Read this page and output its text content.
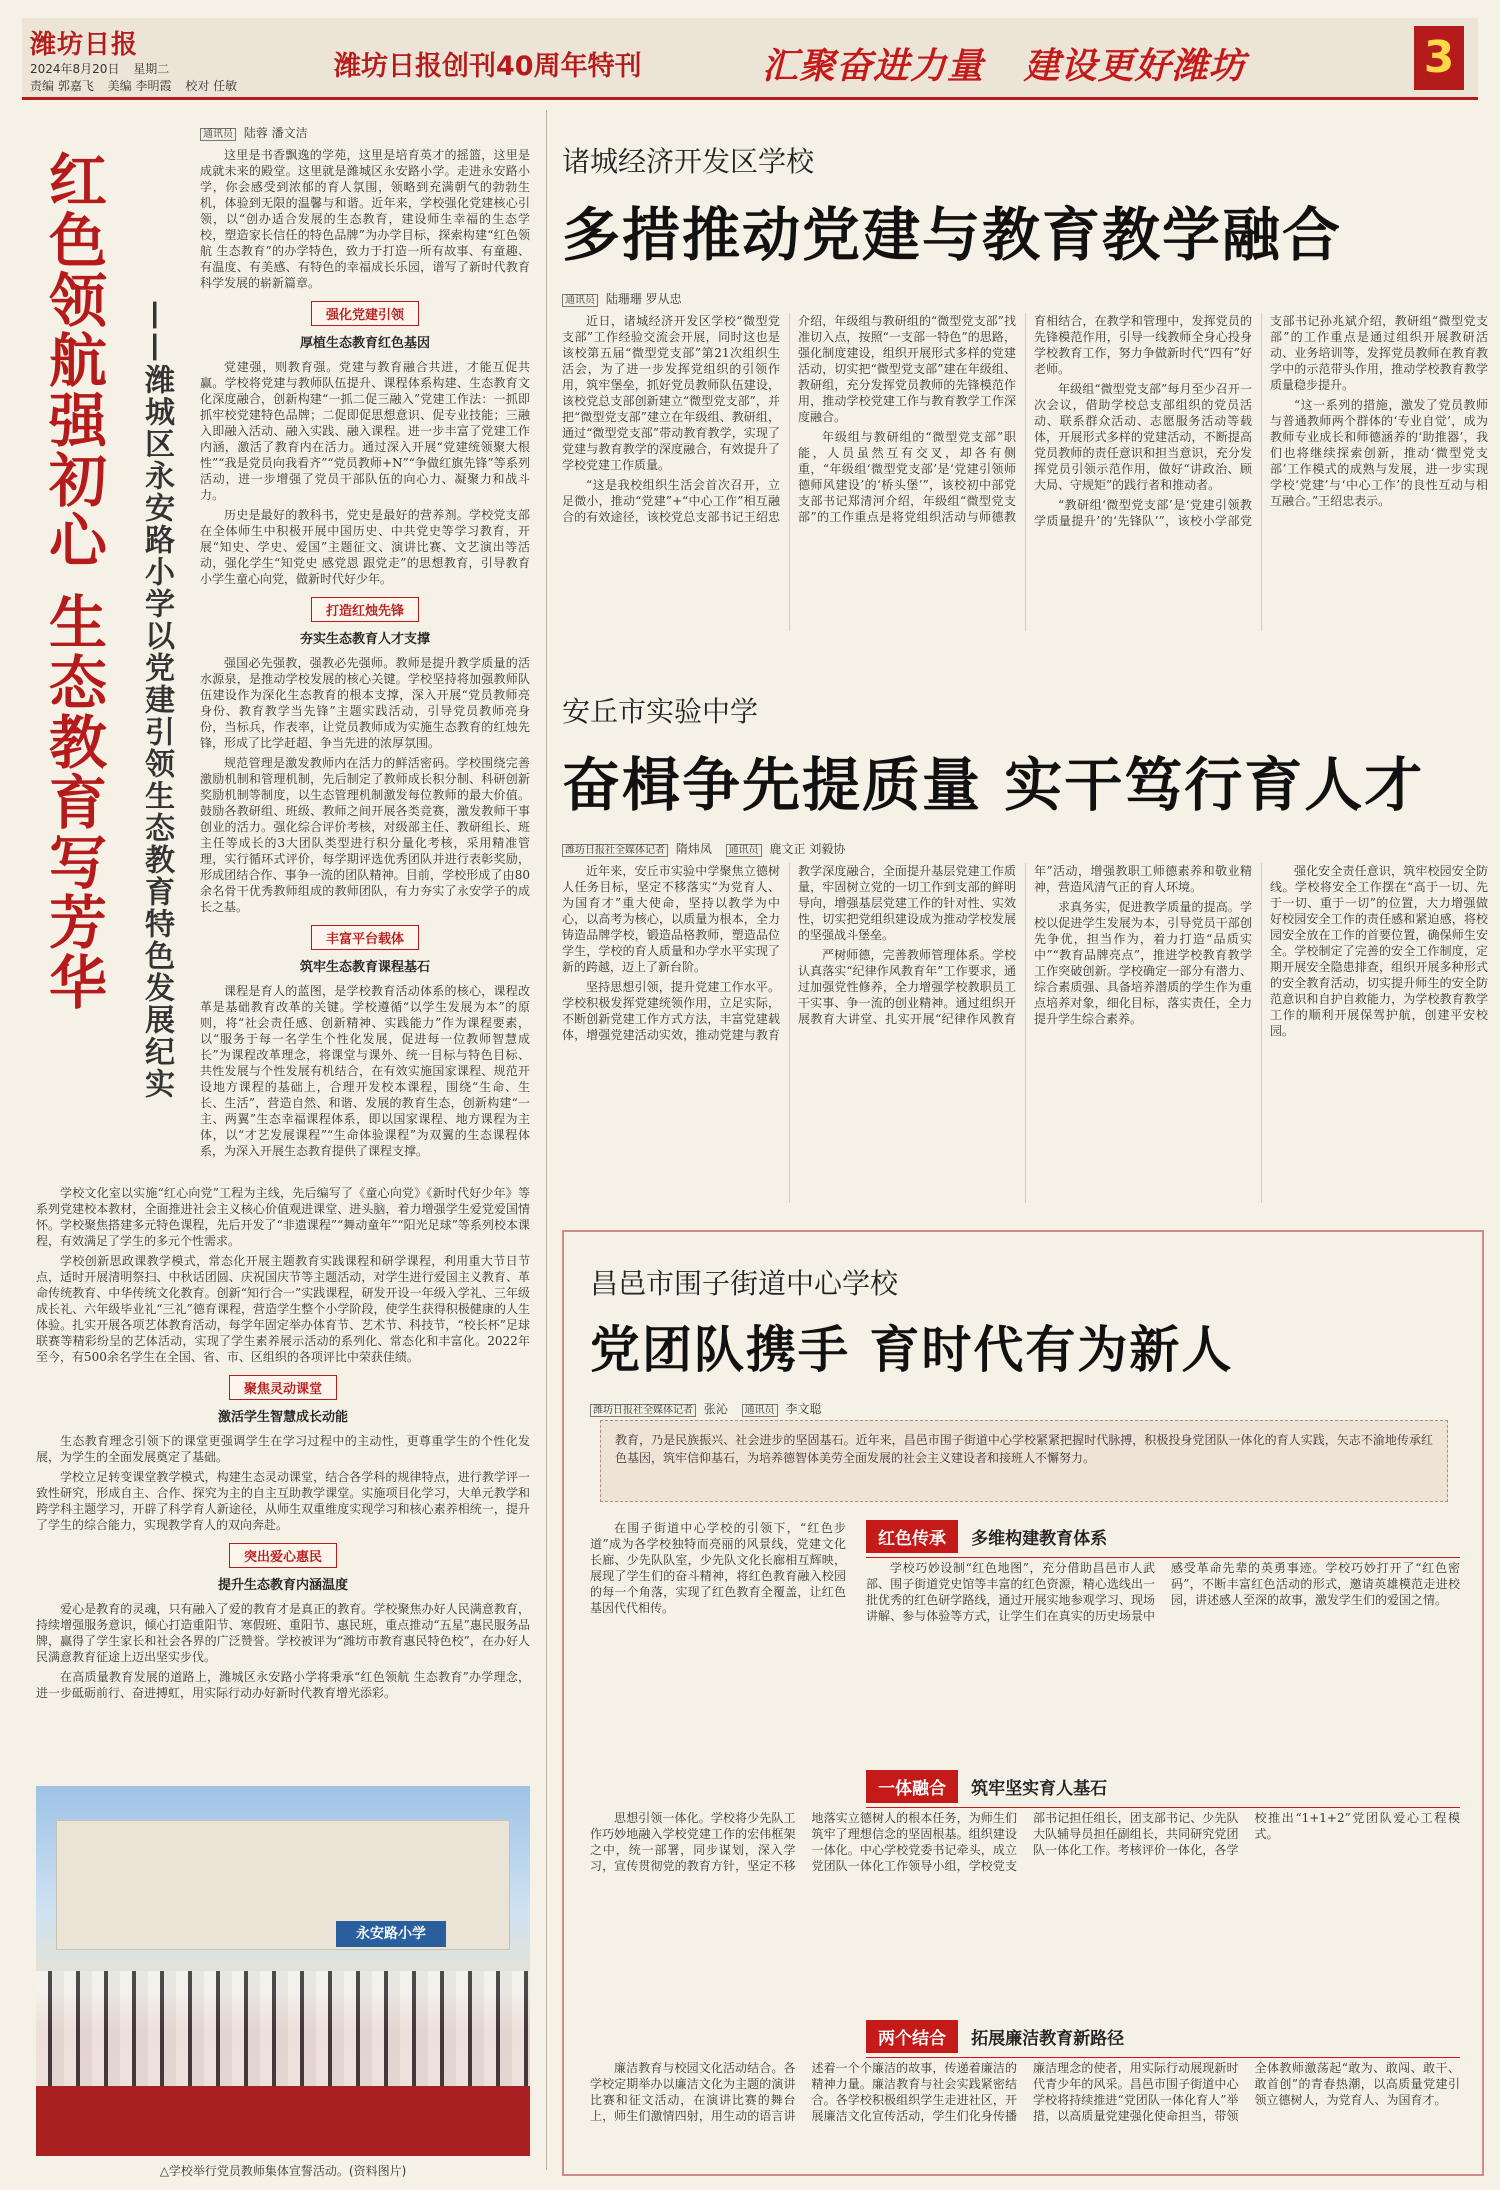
潍坊日报
2024年8月20日 星期二
责编 郭嘉飞 美编 李明霞 校对 任敏
潍坊日报创刊40周年特刊	汇聚奋进力量 建设更好潍坊	3
红色领航强初心 生态教育写芳华 ——潍城区永安路小学以党建引领生态教育特色发展纪实
通讯员 陆蓉 潘文洁

这里是书香飘逸的学苑，这里是培育英才的摇篮，这里是成就未来的殿堂。这里就是潍城区永安路小学。走进永安路小学，你会感受到浓郁的育人氛围，领略到充满朝气的勃勃生机，体验到无限的温馨与和谐。近年来，学校强化党建核心引领，以“创办适合发展的生态教育，建设师生幸福的生态学校，塑造家长信任的特色品牌”为办学目标，探索构建“红色领航 生态教育”的办学特色，致力于打造一所有故事、有童趣、有温度、有美感、有特色的幸福成长乐园，谱写了新时代教育科学发展的崭新篇章。

强化党建引领
厚植生态教育红色基因

党建强，则教育强。党建与教育融合共进，才能互促共赢。学校将党建与教师队伍提升、课程体系构建、生态教育文化深度融合，创新构建“一抓二促三融入”党建工作法：一抓即抓牢校党建特色品牌；二促即促思想意识、促专业技能；三融入即融入活动、融入实践、融入课程。进一步丰富了党建工作内涵，激活了教育内在活力。通过深入开展“党建统领聚大根性”“我是党员向我看齐”“党员教师+N”“争做红旗先锋”等系列活动，进一步增强了党员干部队伍的向心力、凝聚力和战斗力。

历史是最好的教科书，党史是最好的营养剂。学校党支部在全体师生中积极开展中国历史、中共党史等学习教育，开展“知史、学史、爱国”主题征文、演讲比赛、文艺演出等活动，强化学生“知党史 感党恩 跟党走”的思想教育，引导教育小学生童心向党，做新时代好少年。

打造红烛先锋
夯实生态教育人才支撑

强国必先强教，强教必先强师。教师是提升教学质量的活水源泉，是推动学校发展的核心关键。学校坚持将加强教师队伍建设作为深化生态教育的根本支撑，深入开展“党员教师亮身份、教育教学当先锋”主题实践活动，引导党员教师亮身份，当标兵，作表率，让党员教师成为实施生态教育的红烛先锋，形成了比学赶超、争当先进的浓厚氛围。

规范管理是激发教师内在活力的鲜活密码。学校围绕完善激励机制和管理机制，先后制定了教师成长积分制、科研创新奖励机制等制度，以生态管理机制激发每位教师的最大价值。鼓励各教研组、班级、教师之间开展各类竞赛，激发教师干事创业的活力。强化综合评价考核，对级部主任、教研组长、班主任等成长的3大团队类型进行积分量化考核，采用精准管理，实行循环式评价，每学期评选优秀团队并进行表彰奖励，形成团结合作、事争一流的团队精神。目前，学校形成了由80余名骨干优秀教师组成的教师团队，有力夯实了永安学子的成长之基。

丰富平台载体
筑牢生态教育课程基石

课程是育人的蓝图，是学校教育活动体系的核心，课程改革是基础教育改革的关键。学校遵循“以学生发展为本”的原则，将“社会责任感、创新精神、实践能力”作为课程要素，以“服务于每一名学生个性化发展，促进每一位教师智慧成长”为课程改革理念，将课堂与课外、统一目标与特色目标、共性发展与个性发展有机结合，在有效实施国家课程、规范开设地方课程的基础上，合理开发校本课程，围绕“生命、生长、生活”，营造自然、和谐、发展的教育生态，创新构建“一主、两翼”生态幸福课程体系，即以国家课程、地方课程为主体，以“才艺发展课程”“生命体验课程”为双翼的生态课程体系，为深入开展生态教育提供了课程支撑。

学校文化室以实施“红心向党”工程为主线，先后编写了《童心向党》《新时代好少年》等系列党建校本教材，全面推进社会主义核心价值观进课堂、进头脑，着力增强学生爱党爱国情怀。学校聚焦搭建多元特色课程，先后开发了“非遗课程”“舞动童年”“阳光足球”等系列校本课程，有效满足了学生的多元个性需求。

学校创新思政课教学模式，常态化开展主题教育实践课程和研学课程，利用重大节日节点，适时开展清明祭扫、中秋话团圆、庆祝国庆节等主题活动，对学生进行爱国主义教育、革命传统教育、中华传统文化教育。创新“知行合一”实践课程，研发开设一年级入学礼、三年级成长礼、六年级毕业礼“三礼”德育课程，营造学生整个小学阶段，使学生获得积极健康的人生体验。扎实开展各项艺体教育活动，每学年固定举办体育节、艺术节、科技节，“校长杯”足球联赛等精彩纷呈的艺体活动，实现了学生素养展示活动的系列化、常态化和丰富化。2022年至今，有500余名学生在全国、省、市、区组织的各项评比中荣获佳绩。

聚焦灵动课堂
激活学生智慧成长动能

生态教育理念引领下的课堂更强调学生在学习过程中的主动性，更尊重学生的个性化发展，为学生的全面发展奠定了基础。

学校立足转变课堂教学模式，构建生态灵动课堂，结合各学科的规律特点，进行教学评一致性研究，形成自主、合作、探究为主的自主互助教学课堂。实施项目化学习，大单元教学和跨学科主题学习，开辟了科学育人新途径，从师生双重维度实现学习和核心素养相统一，提升了学生的综合能力，实现教学育人的双向奔赴。

突出爱心惠民
提升生态教育内涵温度

爱心是教育的灵魂，只有融入了爱的教育才是真正的教育。学校聚焦办好人民满意教育，持续增强服务意识，倾心打造重阳节、寒假班、重阳节、惠民班，重点推动“五星”惠民服务品牌，赢得了学生家长和社会各界的广泛赞誉。学校被评为“潍坊市教育惠民特色校”，在办好人民满意教育征途上迈出坚实步伐。

在高质量教育发展的道路上，潍城区永安路小学将秉承“红色领航 生态教育”办学理念，进一步砥砺前行、奋进搏虹，用实际行动办好新时代教育增光添彩。

永安路小学
△学校举行党员教师集体宣誓活动。(资料图片)
诸城经济开发区学校
多措推动党建与教育教学融合
通讯员 陆珊珊 罗从忠

近日，诸城经济开发区学校“微型党支部”工作经验交流会开展，同时这也是该校第五届“微型党支部”第21次组织生活会，为了进一步发挥党组织的引领作用，筑牢堡垒，抓好党员教师队伍建设，该校党总支部创新建立“微型党支部”，并把“微型党支部”建立在年级组、教研组，通过“微型党支部”带动教育教学，实现了党建与教育教学的深度融合，有效提升了学校党建工作质量。

“这是我校组织生活会首次召开，立足微小，推动“党建”+“中心工作”相互融合的有效途径，该校党总支部书记王绍忠介绍，年级组与教研组的“微型党支部”找准切入点，按照“一支部一特色”的思路，强化制度建设，组织开展形式多样的党建活动，切实把“微型党支部”建在年级组、教研组，充分发挥党员教师的先锋模范作用，推动学校党建工作与教育教学工作深度融合。

年级组与教研组的“微型党支部”职能，人员虽然互有交叉，却各有侧重，“年级组‘微型党支部’是‘党建引领师德师风建设’的‘桥头堡’”，该校初中部党支部书记郑清河介绍，年级组“微型党支部”的工作重点是将党组织活动与师德教育相结合，在教学和管理中，发挥党员的先锋模范作用，引导一线教师全身心投身学校教育工作，努力争做新时代“四有”好老师。

年级组“微型党支部”每月至少召开一次会议，借助学校总支部组织的党员活动、联系群众活动、志愿服务活动等载体，开展形式多样的党建活动，不断提高党员教师的责任意识和担当意识，充分发挥党员引领示范作用，做好“讲政治、顾大局、守规矩”的践行者和推动者。

“教研组‘微型党支部’是‘党建引领教学质量提升’的‘先锋队’”，该校小学部党支部书记孙兆斌介绍，教研组“微型党支部”的工作重点是通过组织开展教研活动、业务培训等，发挥党员教师在教育教学中的示范带头作用，推动学校教育教学质量稳步提升。

“这一系列的措施，激发了党员教师与普通教师两个群体的‘专业自觉’，成为教师专业成长和师德涵养的‘助推器’，我们也将继续探索创新，推动‘微型党支部’工作模式的成熟与发展，进一步实现学校‘党建’与‘中心工作’的良性互动与相互融合。”王绍忠表示。

安丘市实验中学
奋楫争先提质量 实干笃行育人才
潍坊日报社全媒体记者 隋炜凤 通讯员 鹿文正 刘毅协

近年来，安丘市实验中学聚焦立德树人任务目标，坚定不移落实“为党育人、为国育才”重大使命，坚持以教学为中心，以高考为核心，以质量为根本，全力铸造品牌学校，锻造品格教师，塑造品位学生，学校的育人质量和办学水平实现了新的跨越，迈上了新台阶。

坚持思想引领，提升党建工作水平。学校积极发挥党建统领作用，立足实际，不断创新党建工作方式方法，丰富党建载体，增强党建活动实效，推动党建与教育教学深度融合，全面提升基层党建工作质量，牢固树立党的一切工作到支部的鲜明导向，增强基层党建工作的针对性、实效性，切实把党组织建设成为推动学校发展的坚强战斗堡垒。

严树师德，完善教师管理体系。学校认真落实“纪律作风教育年”工作要求，通过加强党性修养，全力增强学校教职员工干实事、争一流的创业精神。通过组织开展教育大讲堂、扎实开展“纪律作风教育年”活动，增强教职工师德素养和敬业精神，营造风清气正的育人环境。

求真务实，促进教学质量的提高。学校以促进学生发展为本，引导党员干部创先争优，担当作为，着力打造“品质实中”“教育品牌亮点”，推进学校教育教学工作突破创新。学校确定一部分有潜力、综合素质强、具备培养潜质的学生作为重点培养对象，细化目标，落实责任，全力提升学生综合素养。

强化安全责任意识，筑牢校园安全防线。学校将安全工作摆在“高于一切、先于一切、重于一切”的位置，大力增强做好校园安全工作的责任感和紧迫感，将校园安全放在工作的首要位置，确保师生安全。学校制定了完善的安全工作制度，定期开展安全隐患排查，组织开展多种形式的安全教育活动，切实提升师生的安全防范意识和自护自救能力，为学校教育教学工作的顺利开展保驾护航，创建平安校园。

昌邑市围子街道中心学校
党团队携手 育时代有为新人
潍坊日报社全媒体记者 张沁 通讯员 李文聪
教育，乃是民族振兴、社会进步的坚固基石。近年来，昌邑市围子街道中心学校紧紧把握时代脉搏，积极投身党团队一体化的育人实践，矢志不渝地传承红色基因，筑牢信仰基石，为培养德智体美劳全面发展的社会主义建设者和接班人不懈努力。

在围子街道中心学校的引领下，“红色步道”成为各学校独特而亮丽的风景线，党建文化长廊、少先队队室，少先队文化长廊相互辉映，展现了学生们的奋斗精神，将红色教育融入校园的每一个角落，实现了红色教育全覆盖，让红色基因代代相传。

红色传承 多维构建教育体系

学校巧妙设制“红色地图”，充分借助昌邑市人武部、围子街道党史馆等丰富的红色资源，精心选线出一批优秀的红色研学路线，通过开展实地参观学习、现场讲解、参与体验等方式，让学生们在真实的历史场景中感受革命先辈的英勇事迹。学校巧妙打开了“红色密码”，不断丰富红色活动的形式，邀请英雄模范走进校园，讲述感人至深的故事，激发学生们的爱国之情。

一体融合 筑牢坚实育人基石

思想引领一体化。学校将少先队工作巧妙地融入学校党建工作的宏伟框架之中，统一部署，同步谋划，深入学习，宣传贯彻党的教育方针，坚定不移地落实立德树人的根本任务，为师生们筑牢了理想信念的坚固根基。组织建设一体化。中心学校党委书记牵头，成立党团队一体化工作领导小组，学校党支部书记担任组长，团支部书记、少先队大队辅导员担任副组长，共同研究党团队一体化工作。考核评价一体化，各学校推出“1+1+2”党团队爱心工程模式。

两个结合 拓展廉洁教育新路径

廉洁教育与校园文化活动结合。各学校定期举办以廉洁文化为主题的演讲比赛和征文活动，在演讲比赛的舞台上，师生们激情四射，用生动的语言讲述着一个个廉洁的故事，传递着廉洁的精神力量。廉洁教育与社会实践紧密结合。各学校积极组织学生走进社区，开展廉洁文化宣传活动，学生们化身传播廉洁理念的使者，用实际行动展现新时代青少年的风采。昌邑市围子街道中心学校将持续推进“党团队一体化育人”举措，以高质量党建强化使命担当，带领全体教师激荡起“敢为、敢闯、敢干、敢首创”的青春热潮，以高质量党建引领立德树人，为党育人、为国育才。
